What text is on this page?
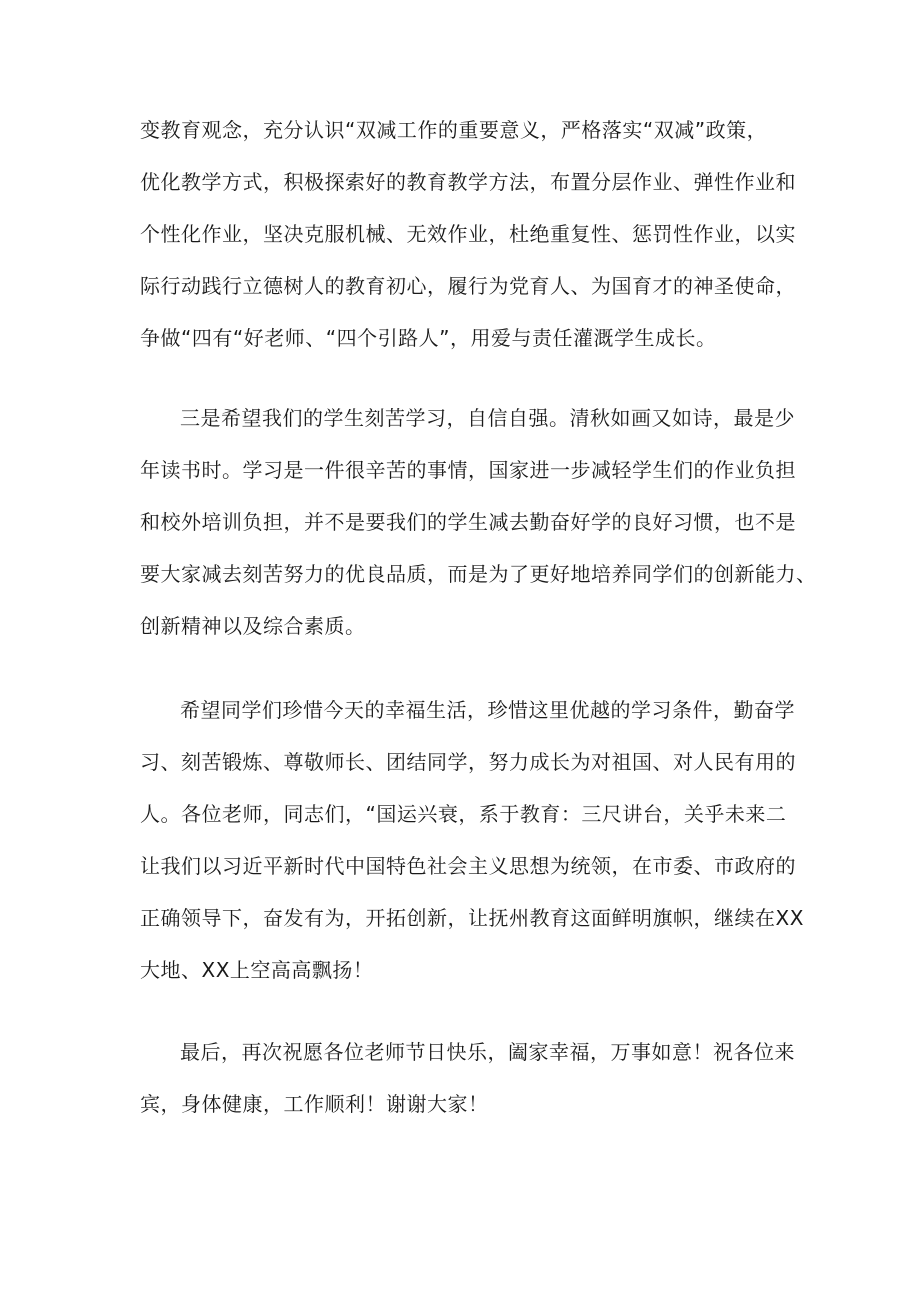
变教育观念，充分认识“双减工作的重要意义，严格落实“双减”政策，
优化教学方式，积极探索好的教育教学方法，布置分层作业、弹性作业和
个性化作业，坚决克服机械、无效作业，杜绝重复性、惩罚性作业，以实
际行动践行立德树人的教育初心，履行为党育人、为国育才的神圣使命，
争做“四有“好老师、“四个引路人”，用爱与责任灌溉学生成长。
三是希望我们的学生刻苦学习，自信自强。清秋如画又如诗，最是少
年读书时。学习是一件很辛苦的事情，国家进一步减轻学生们的作业负担
和校外培训负担，并不是要我们的学生减去勤奋好学的良好习惯，也不是
要大家减去刻苦努力的优良品质，而是为了更好地培养同学们的创新能力、
创新精神以及综合素质。
希望同学们珍惜今天的幸福生活，珍惜这里优越的学习条件，勤奋学
习、刻苦锻炼、尊敬师长、团结同学，努力成长为对祖国、对人民有用的
人。各位老师，同志们，“国运兴衰，系于教育：三尺讲台，关乎未来二
让我们以习近平新时代中国特色社会主义思想为统领，在市委、市政府的
正确领导下，奋发有为，开拓创新，让抚州教育这面鲜明旗帜，继续在XX
大地、XX上空高高飘扬！
最后，再次祝愿各位老师节日快乐，阖家幸福，万事如意！祝各位来
宾，身体健康，工作顺利！谢谢大家！
